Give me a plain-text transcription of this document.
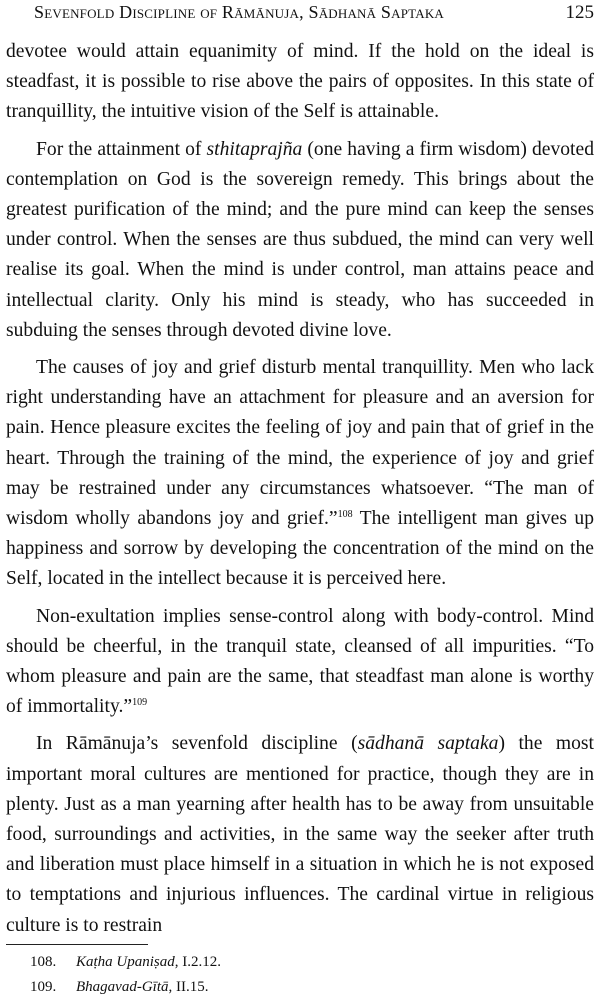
Sevenfold Discipline of Rāmānuja, Sādhanā Saptaka	125

devotee would attain equanimity of mind. If the hold on the ideal is steadfast, it is possible to rise above the pairs of opposites. In this state of tranquillity, the intuitive vision of the Self is attainable.

For the attainment of sthitaprajña (one having a firm wisdom) devoted contemplation on God is the sovereign remedy. This brings about the greatest purification of the mind; and the pure mind can keep the senses under control. When the senses are thus subdued, the mind can very well realise its goal. When the mind is under control, man attains peace and intellectual clarity. Only his mind is steady, who has succeeded in subduing the senses through devoted divine love.

The causes of joy and grief disturb mental tranquillity. Men who lack right understanding have an attachment for pleasure and an aversion for pain. Hence pleasure excites the feeling of joy and pain that of grief in the heart. Through the training of the mind, the experience of joy and grief may be restrained under any circumstances whatsoever. “The man of wisdom wholly abandons joy and grief.”$^{108}$ The intelligent man gives up happiness and sorrow by developing the concentration of the mind on the Self, located in the intellect because it is perceived here.

Non-exultation implies sense-control along with body-control. Mind should be cheerful, in the tranquil state, cleansed of all impurities. “To whom pleasure and pain are the same, that steadfast man alone is worthy of immortality.”$^{109}$

In Rāmānuja’s sevenfold discipline (sādhanā saptaka) the most important moral cultures are mentioned for practice, though they are in plenty. Just as a man yearning after health has to be away from unsuitable food, surroundings and activities, in the same way the seeker after truth and liberation must place himself in a situation in which he is not exposed to temptations and injurious influences. The cardinal virtue in religious culture is to restrain

108.	Kaṭha Upaniṣad, I.2.12.
109.	Bhagavad-Gītā, II.15.
